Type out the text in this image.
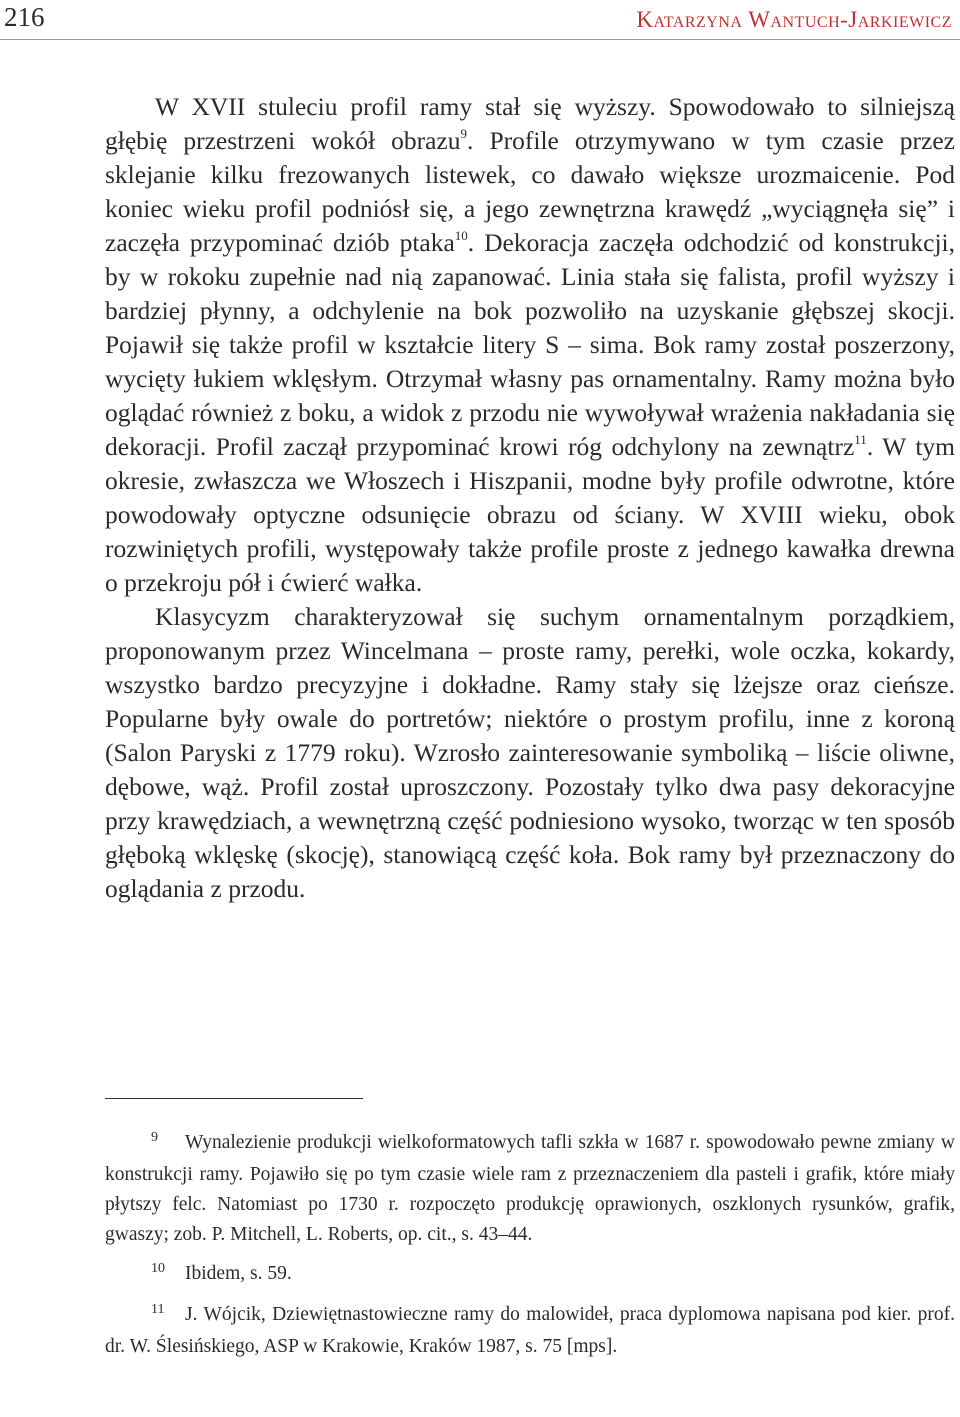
216	Katarzyna Wantuch-Jarkiewicz

W XVII stuleciu profil ramy stał się wyższy. Spowodowało to silniejszą głębię przestrzeni wokół obrazu$^9$. Profile otrzymywano w tym czasie przez sklejanie kilku frezowanych listewek, co dawało większe urozmaicenie. Pod koniec wieku profil podniósł się, a jego zewnętrzna krawędź „wyciągnęła się” i zaczęła przypominać dziób ptaka$^{10}$. Dekoracja zaczęła odchodzić od konstrukcji, by w rokoku zupełnie nad nią zapanować. Linia stała się falista, profil wyższy i bardziej płynny, a odchylenie na bok pozwoliło na uzyskanie głębszej skocji. Pojawił się także profil w kształcie litery S – sima. Bok ramy został poszerzony, wycięty łukiem wklęsłym. Otrzymał własny pas ornamentalny. Ramy można było oglądać również z boku, a widok z przodu nie wywoływał wrażenia nakładania się dekoracji. Profil zaczął przypominać krowi róg odchylony na zewnątrz$^{11}$. W tym okresie, zwłaszcza we Włoszech i Hiszpanii, modne były profile odwrotne, które powodowały optyczne odsunięcie obrazu od ściany. W XVIII wieku, obok rozwiniętych profili, występowały także profile proste z jednego kawałka drewna o przekroju pół i ćwierć wałka.

Klasycyzm charakteryzował się suchym ornamentalnym porządkiem, proponowanym przez Wincelmana – proste ramy, perełki, wole oczka, kokardy, wszystko bardzo precyzyjne i dokładne. Ramy stały się lżejsze oraz cieńsze. Popularne były owale do portretów; niektóre o prostym profilu, inne z koroną (Salon Paryski z 1779 roku). Wzrosło zainteresowanie symboliką – liście oliwne, dębowe, wąż. Profil został uproszczony. Pozostały tylko dwa pasy dekoracyjne przy krawędziach, a wewnętrzną część podniesiono wysoko, tworząc w ten sposób głęboką wklęskę (skocję), stanowiącą część koła. Bok ramy był przeznaczony do oglądania z przodu.

9 Wynalezienie produkcji wielkoformatowych tafli szkła w 1687 r. spowodowało pewne zmiany w konstrukcji ramy. Pojawiło się po tym czasie wiele ram z przeznaczeniem dla pasteli i grafik, które miały płytszy felc. Natomiast po 1730 r. rozpoczęto produkcję oprawionych, oszklonych rysunków, grafik, gwaszy; zob. P. Mitchell, L. Roberts, op. cit., s. 43–44.

10 Ibidem, s. 59.

11 J. Wójcik, Dziewiętnastowieczne ramy do malowideł, praca dyplomowa napisana pod kier. prof. dr. W. Ślesińskiego, ASP w Krakowie, Kraków 1987, s. 75 [mps].
